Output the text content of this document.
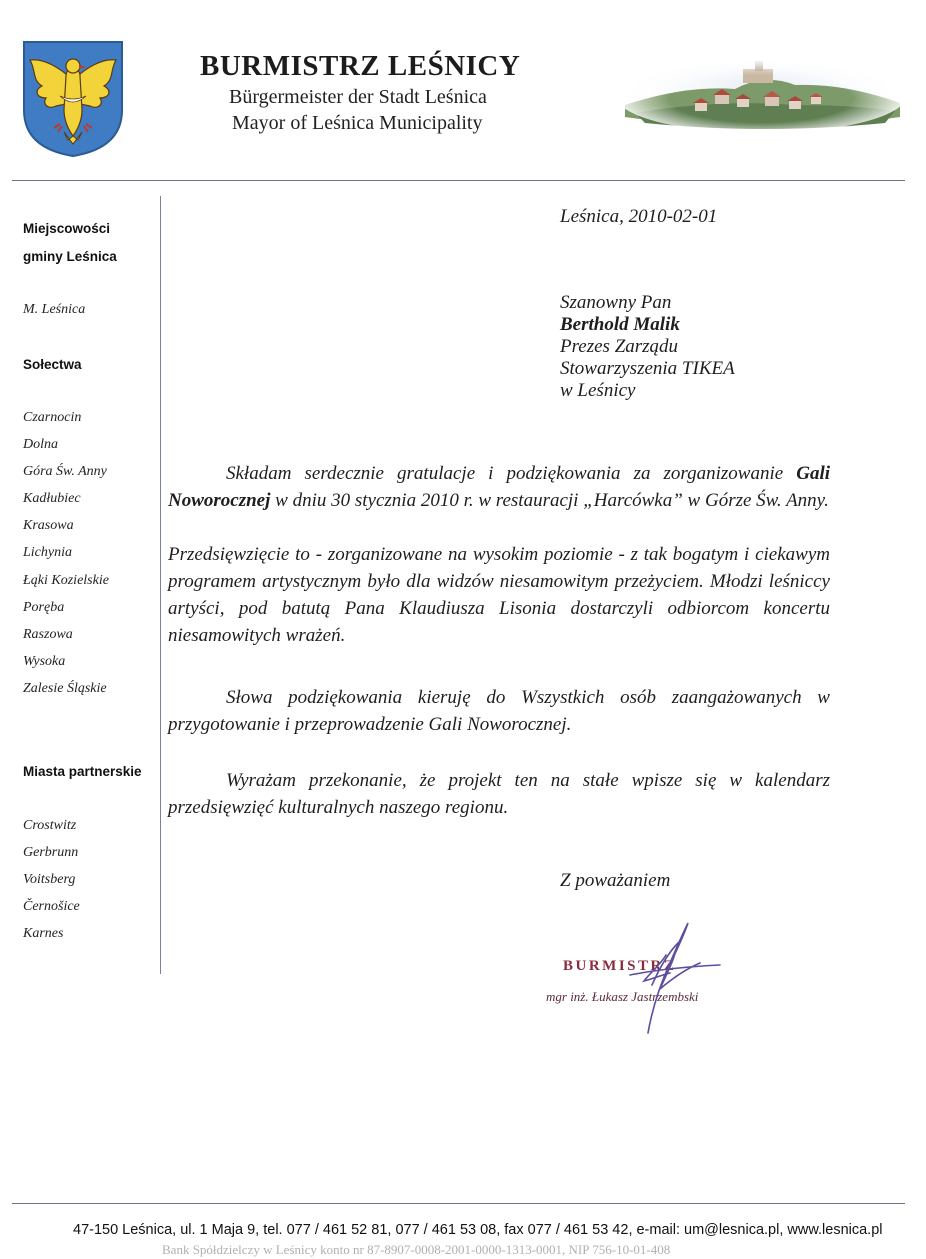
BURMISTRZ LEŚNICY
Bürgermeister der Stadt Leśnica
Mayor of Leśnica Municipality
Miejscowości
gminy Leśnica
M. Leśnica
Sołectwa
Czarnocin
Dolna
Góra Św. Anny
Kadłubiec
Krasowa
Lichynia
Łąki Kozielskie
Poręba
Raszowa
Wysoka
Zalesie Śląskie
Miasta partnerskie
Crostwitz
Gerbrunn
Voitsberg
Černošice
Karnes
Leśnica, 2010-02-01
Szanowny Pan
Berthold Malik
Prezes Zarządu
Stowarzyszenia TIKEA
w Leśnicy
Składam serdecznie gratulacje i podziękowania za zorganizowanie Gali Noworocznej w dniu 30 stycznia 2010 r. w restauracji „Harcówka” w Górze Św. Anny.
Przedsięwzięcie to - zorganizowane na wysokim poziomie - z tak bogatym i ciekawym programem artystycznym było dla widzów niesamowitym przeżyciem. Młodzi leśniccy artyści, pod batutą Pana Klaudiusza Lisonia dostarczyli odbiorcom koncertu niesamowitych wrażeń.
Słowa podziękowania kieruję do Wszystkich osób zaangażowanych w przygotowanie i przeprowadzenie Gali Noworocznej.
Wyrażam przekonanie, że projekt ten na stałe wpisze się w kalendarz przedsięwzięć kulturalnych naszego regionu.
Z poważaniem
BURMISTRZ
mgr inż. Łukasz Jastrzembski
47-150 Leśnica, ul. 1 Maja 9, tel. 077 / 461 52 81, 077 / 461 53 08, fax 077 / 461 53 42, e-mail: um@lesnica.pl, www.lesnica.pl
Bank Spółdzielczy w Leśnicy konto nr 87-8907-0008-2001-0000-1313-0001, NIP 756-10-01-408
